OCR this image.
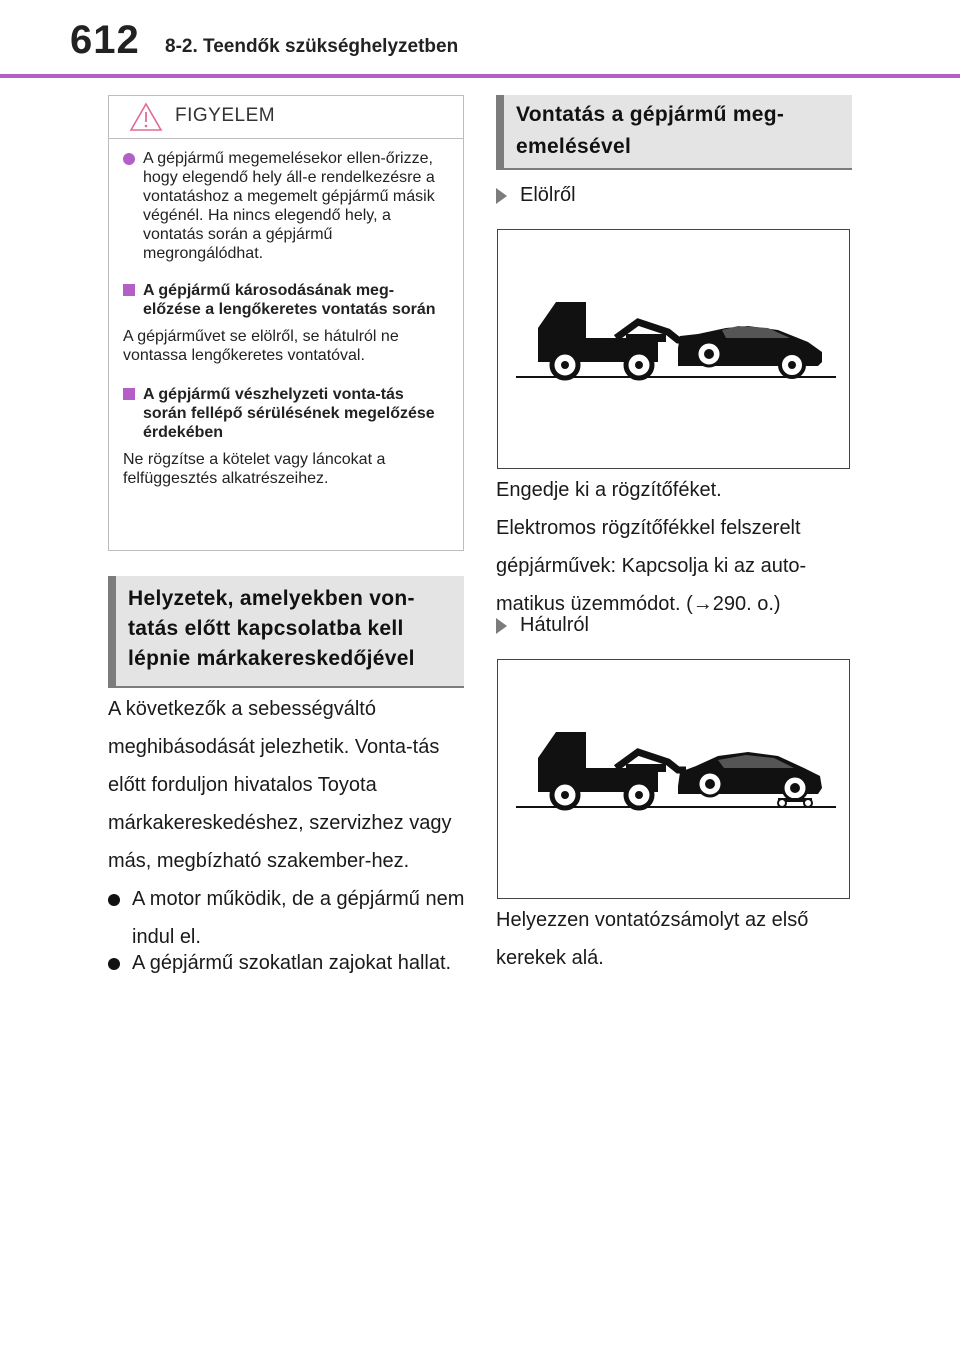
612 8-2. Teendők szükséghelyzetben
FIGYELEM
A gépjármű megemelésekor ellen-őrizze, hogy elegendő hely áll-e rendelkezésre a vontatáshoz a megemelt gépjármű másik végénél. Ha nincs elegendő hely, a vontatás során a gépjármű megrongálódhat.
A gépjármű károsodásának meg-előzése a lengőkeretes vontatás során
A gépjárművet se elölről, se hátulról ne vontassa lengőkeretes vontatóval.
A gépjármű vészhelyzeti vonta-tás során fellépő sérülésének megelőzése érdekében
Ne rögzítse a kötelet vagy láncokat a felfüggesztés alkatrészeihez.
Helyzetek, amelyekben von-tatás előtt kapcsolatba kell lépnie márkakereskedőjével
A következők a sebességváltó meghibásodását jelezhetik. Vonta-tás előtt forduljon hivatalos Toyota márkakereskedéshez, szervizhez vagy más, megbízható szakember-hez.
A motor működik, de a gépjármű nem indul el.
A gépjármű szokatlan zajokat hallat.
Vontatás a gépjármű meg-emelésével
Elölről
Engedje ki a rögzítőféket.
Elektromos rögzítőfékkel felszerelt gépjárművek: Kapcsolja ki az auto-matikus üzemmódot. (→290. o.)
Hátulról
Helyezzen vontatózsámolyt az első kerekek alá.
